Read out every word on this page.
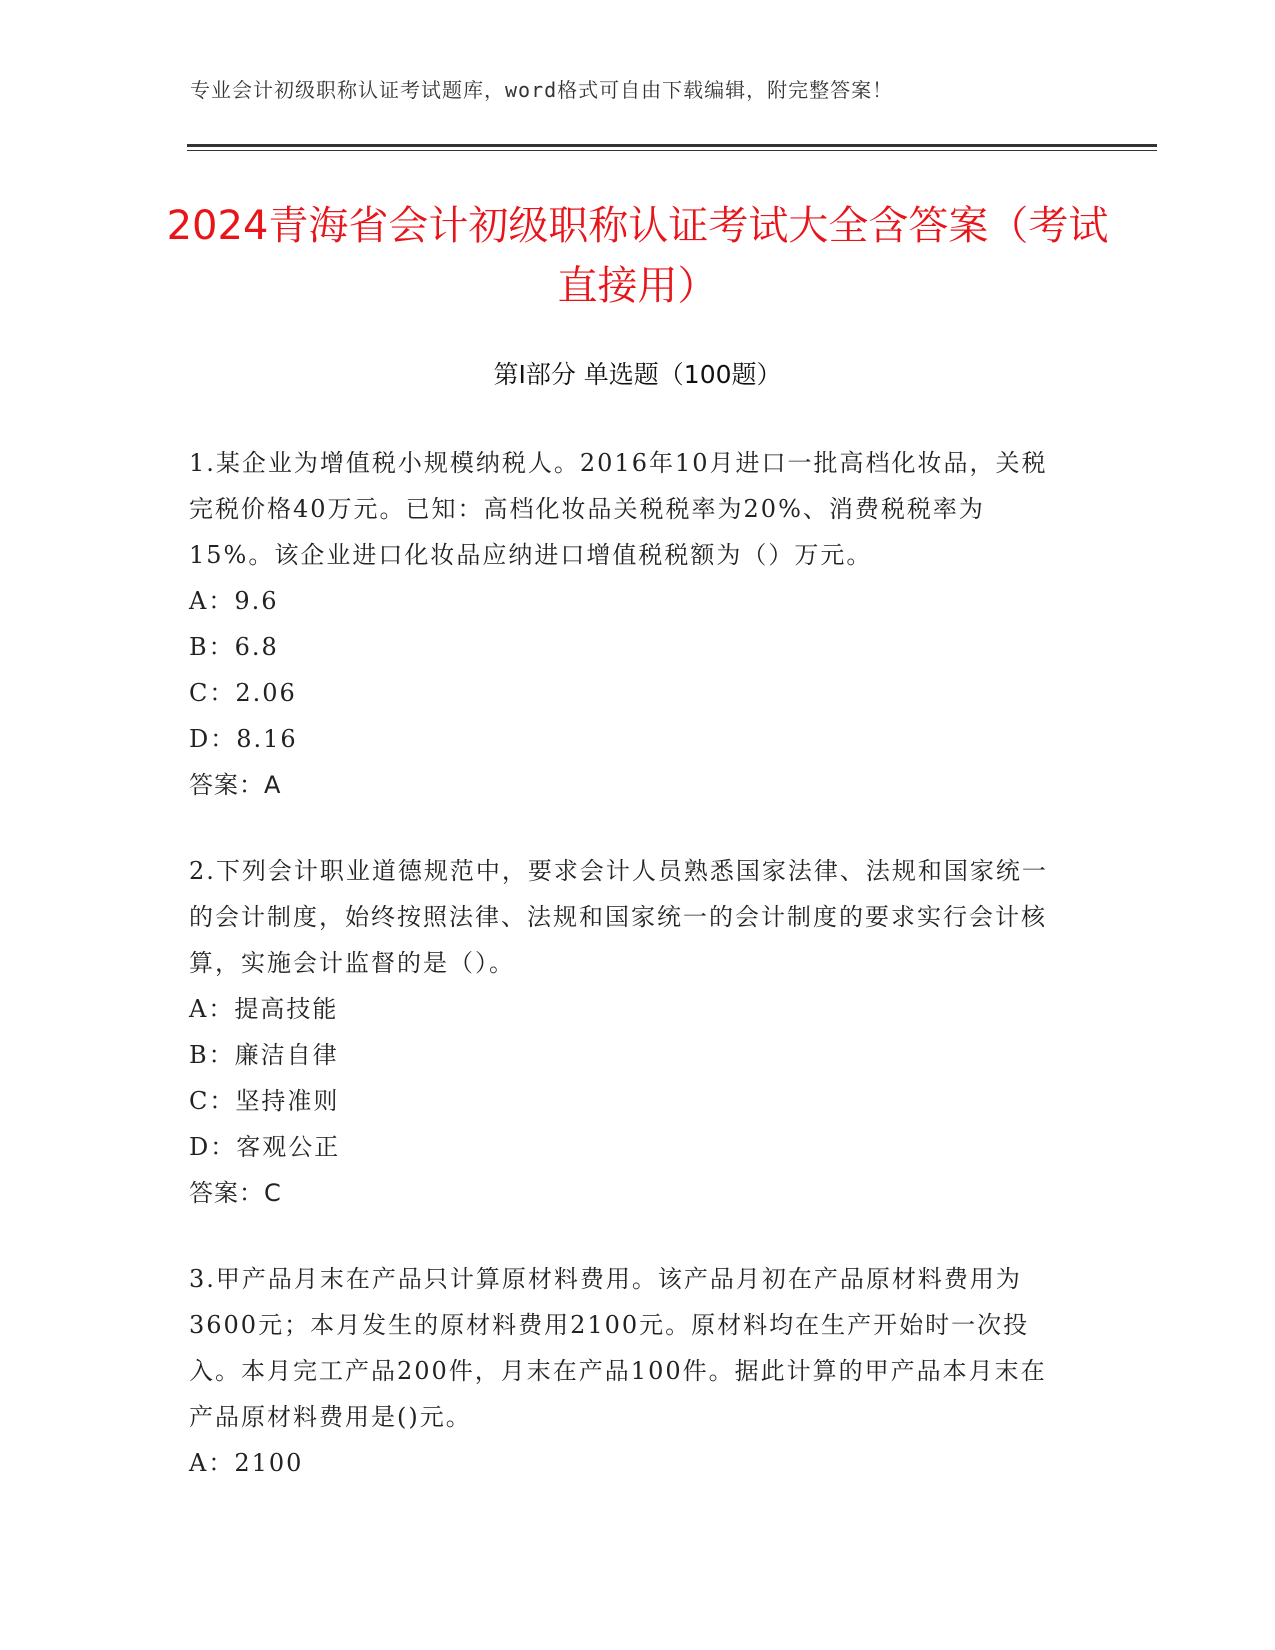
专业会计初级职称认证考试题库，word格式可自由下载编辑，附完整答案！
2024青海省会计初级职称认证考试大全含答案（考试直接用）
第I部分 单选题（100题）

1.某企业为增值税小规模纳税人。2016年10月进口一批高档化妆品，关税完税价格40万元。已知：高档化妆品关税税率为20%、消费税税率为15%。该企业进口化妆品应纳进口增值税税额为（）万元。

A：9.6

B：6.8

C：2.06

D：8.16

答案：A

2.下列会计职业道德规范中，要求会计人员熟悉国家法律、法规和国家统一的会计制度，始终按照法律、法规和国家统一的会计制度的要求实行会计核算，实施会计监督的是（）。

A：提高技能

B：廉洁自律

C：坚持准则

D：客观公正

答案：C

3.甲产品月末在产品只计算原材料费用。该产品月初在产品原材料费用为3600元；本月发生的原材料费用2100元。原材料均在生产开始时一次投入。本月完工产品200件，月末在产品100件。据此计算的甲产品本月末在产品原材料费用是()元。

A：2100
